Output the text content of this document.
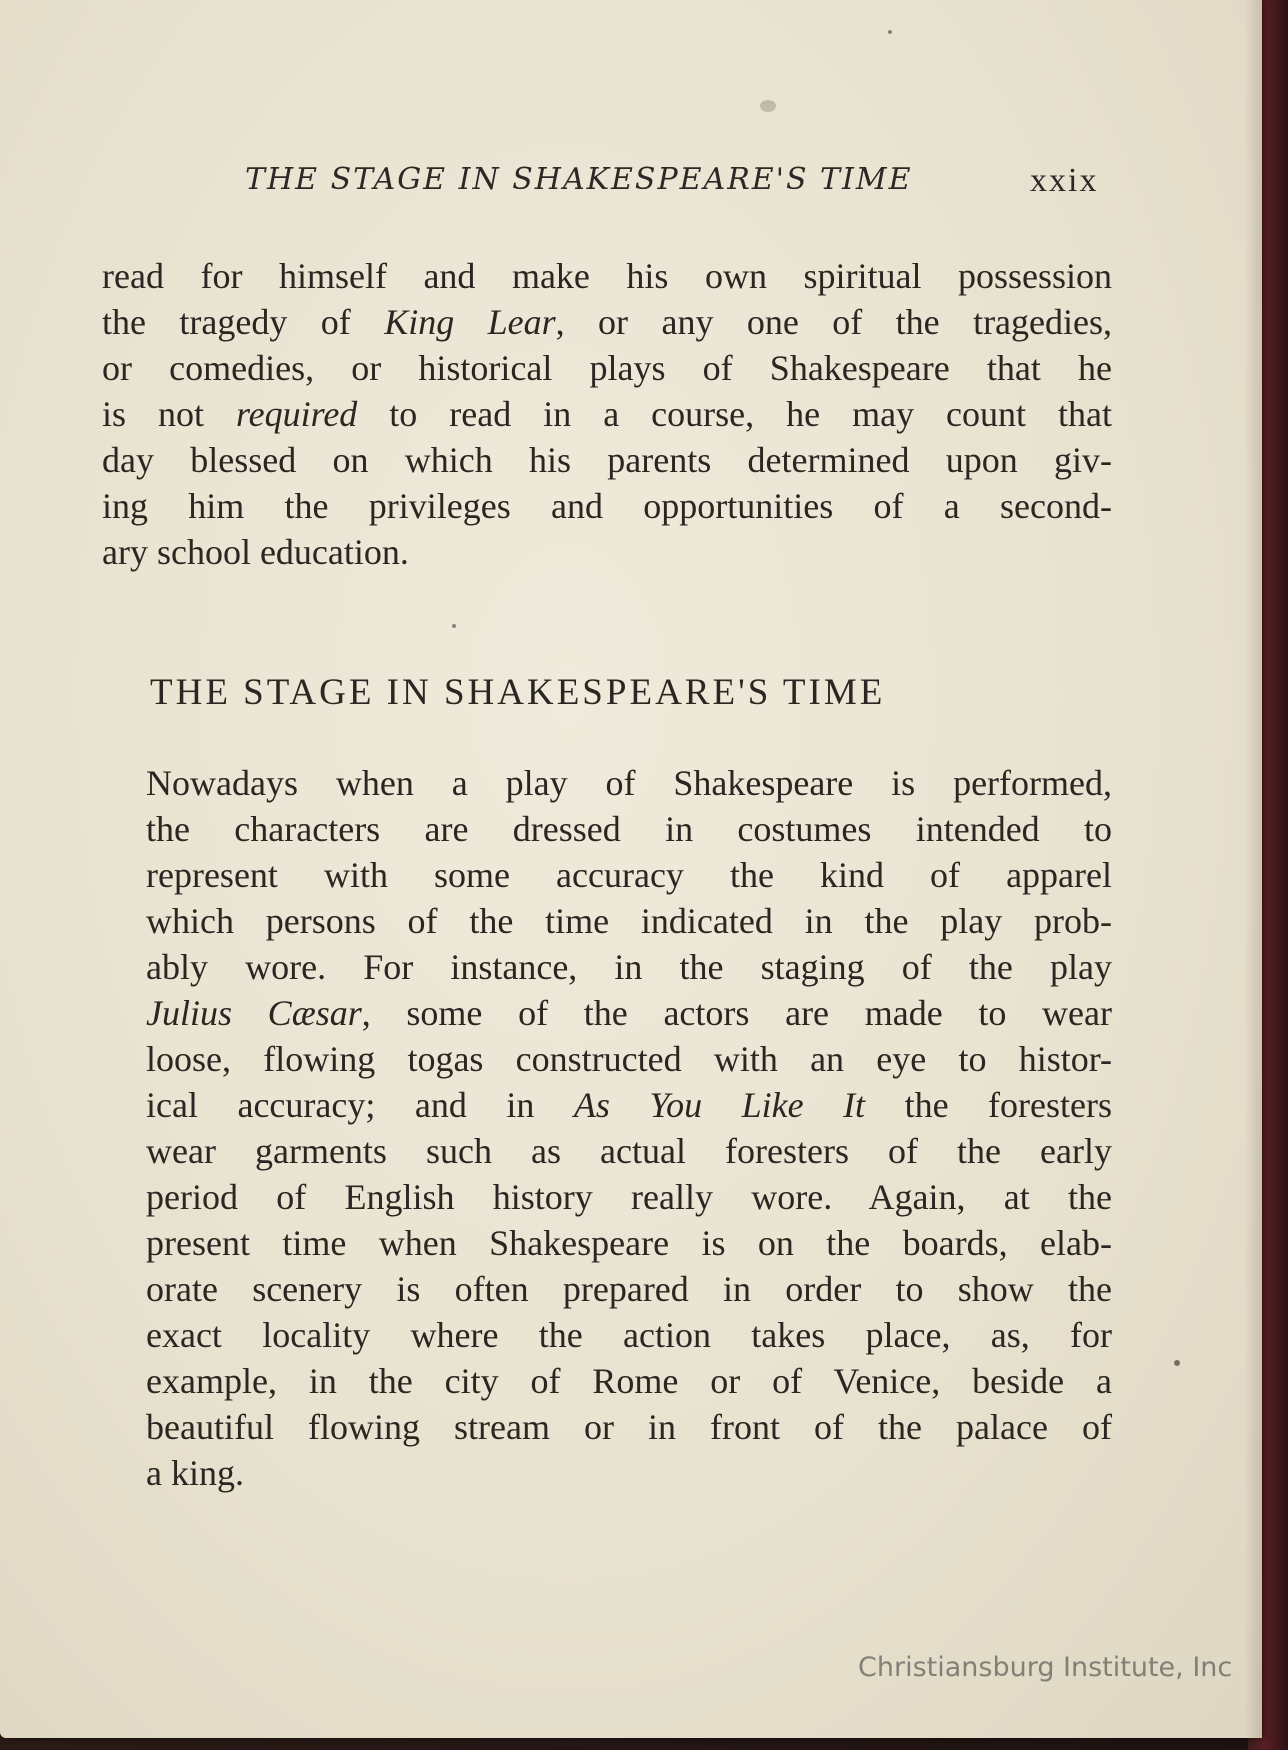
THE STAGE IN SHAKESPEARE'S TIME	xxix
read for himself and make his own spiritual possession
the tragedy of King Lear, or any one of the tragedies,
or comedies, or historical plays of Shakespeare that he
is not required to read in a course, he may count that
day blessed on which his parents determined upon giv-
ing him the privileges and opportunities of a second-
ary school education.
THE STAGE IN SHAKESPEARE'S TIME
Nowadays when a play of Shakespeare is performed,
the characters are dressed in costumes intended to
represent with some accuracy the kind of apparel
which persons of the time indicated in the play prob-
ably wore. For instance, in the staging of the play
Julius Cæsar, some of the actors are made to wear
loose, flowing togas constructed with an eye to histor-
ical accuracy; and in As You Like It the foresters
wear garments such as actual foresters of the early
period of English history really wore. Again, at the
present time when Shakespeare is on the boards, elab-
orate scenery is often prepared in order to show the
exact locality where the action takes place, as, for
example, in the city of Rome or of Venice, beside a
beautiful flowing stream or in front of the palace of
a king.
Christiansburg Institute, Inc
